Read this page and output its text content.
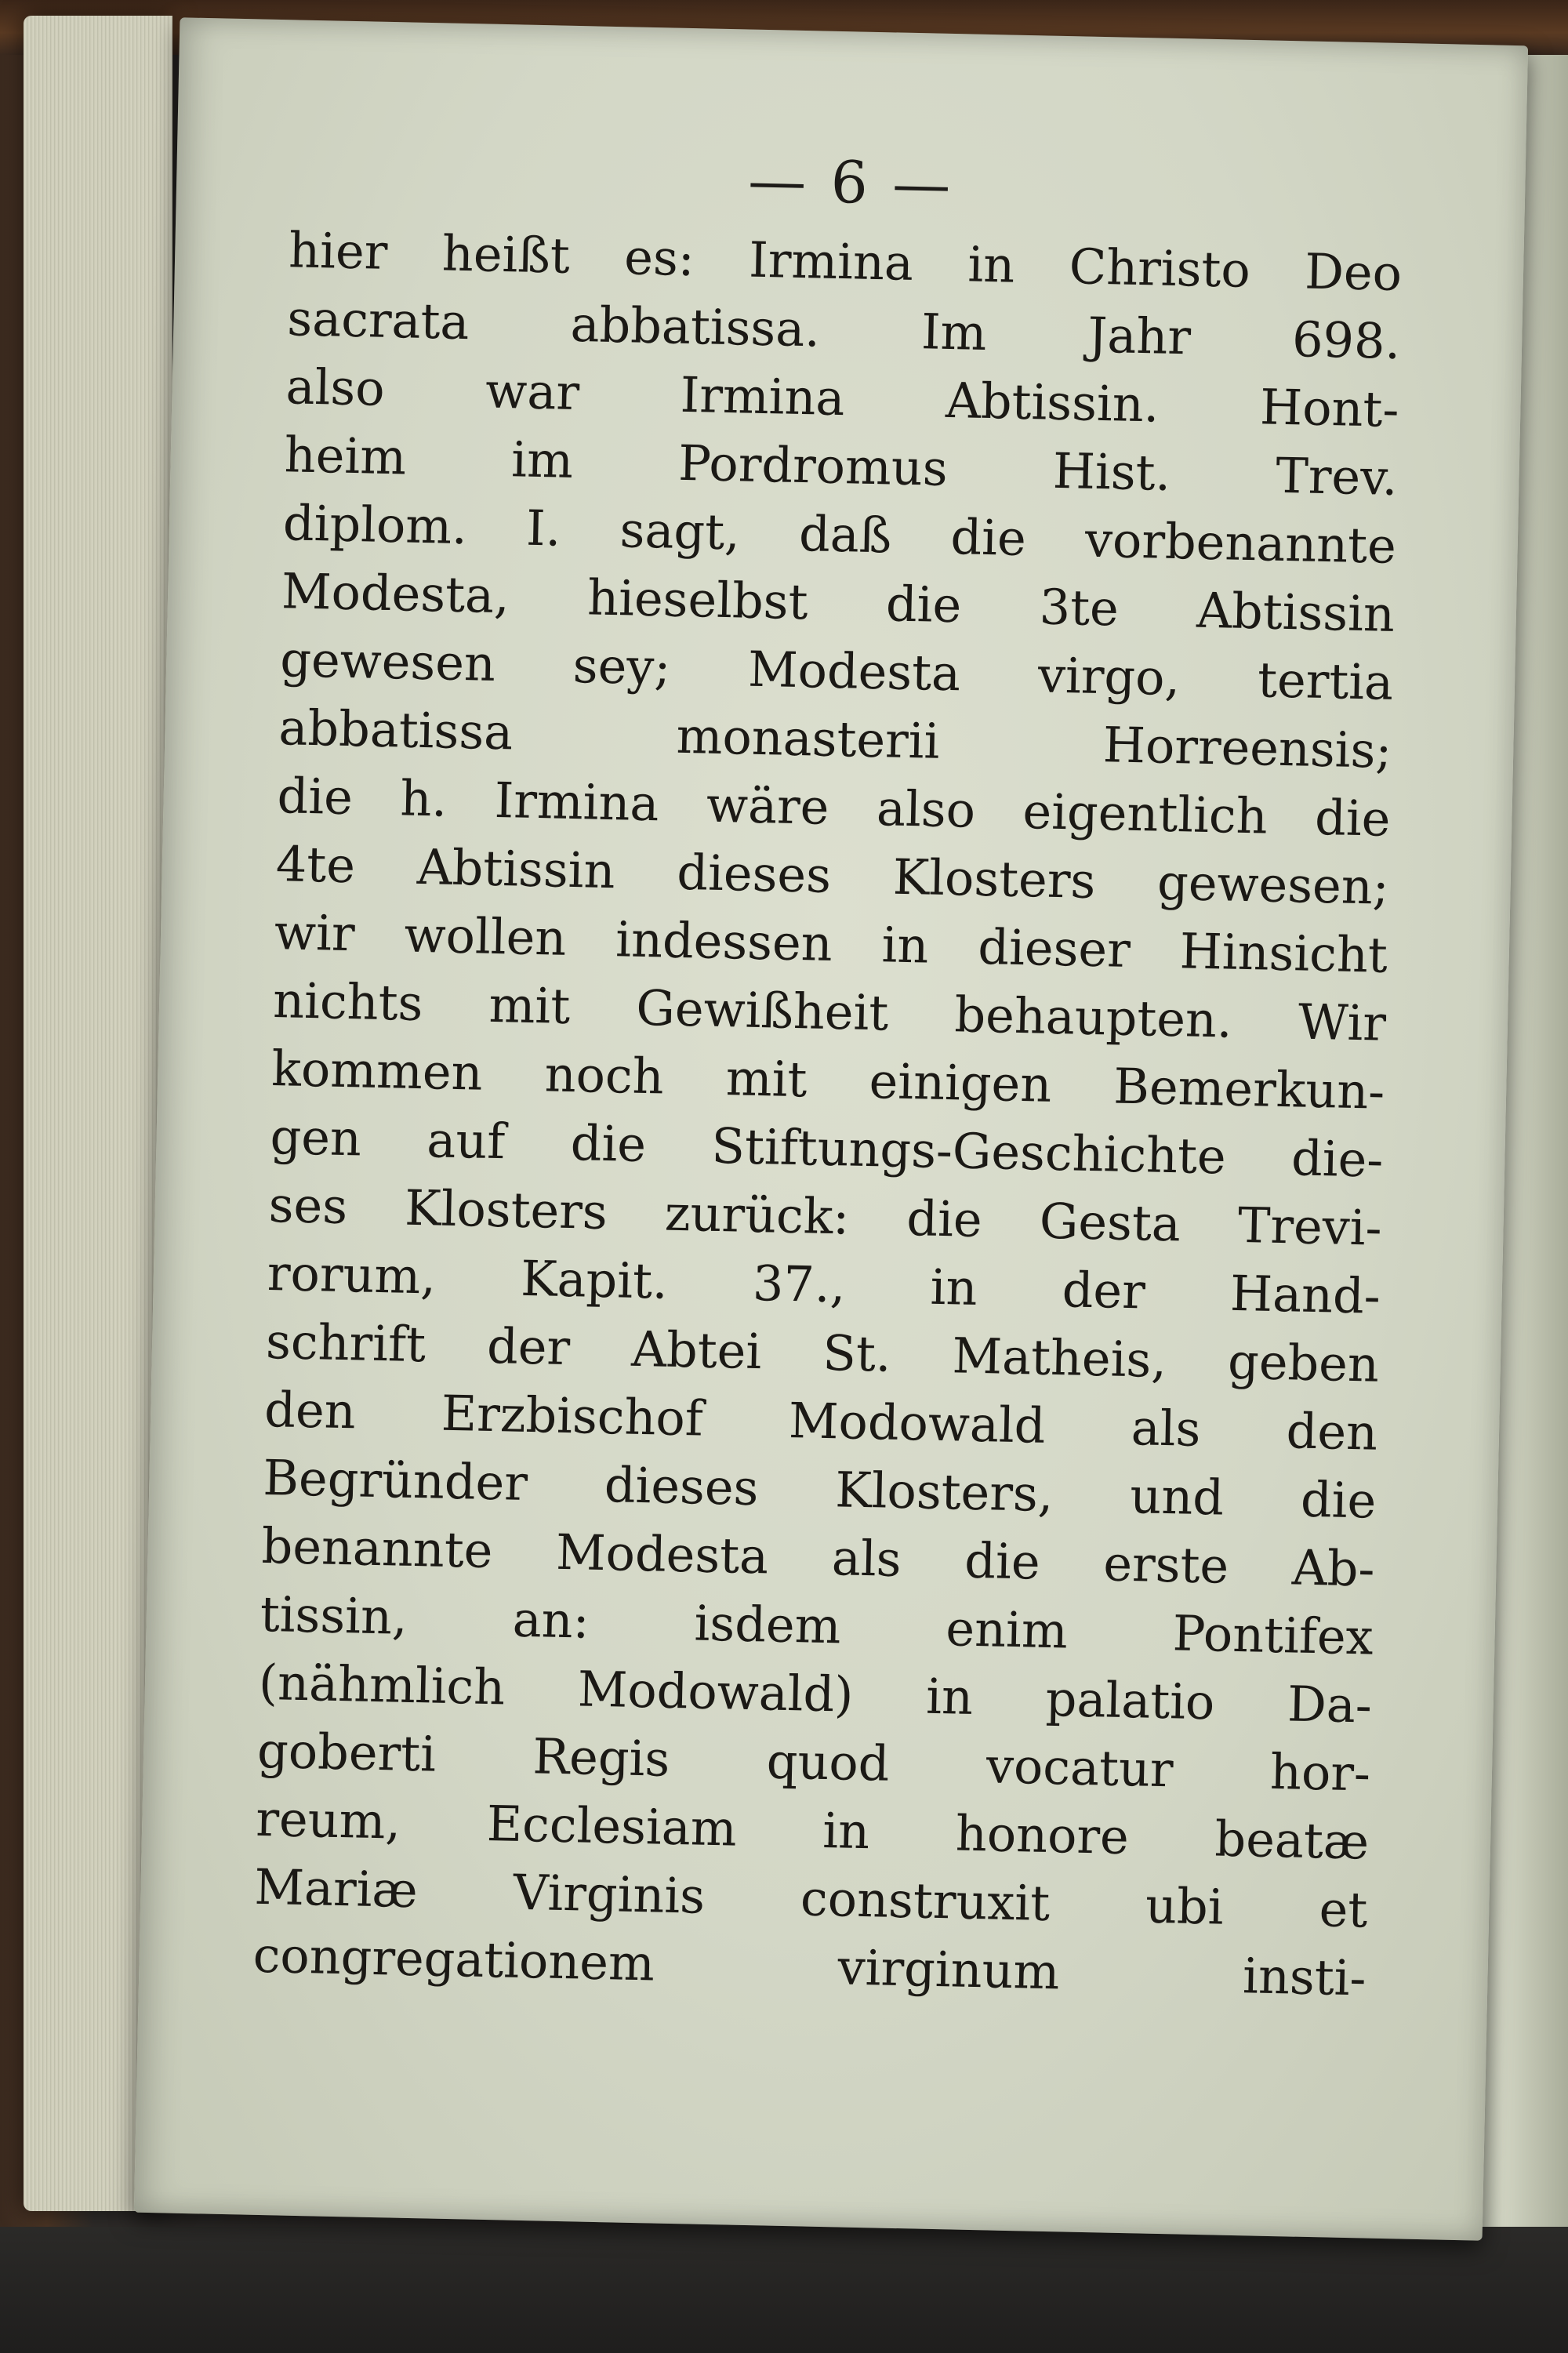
— 6 —
hier heißt es: Irmina in Christo Deo
sacrata abbatissa. Im Jahr 698.
also war Irmina Abtissin. Hont-
heim im Pordromus Hist. Trev.
diplom. I. sagt, daß die vorbenannte
Modesta, hieselbst die 3te Abtissin
gewesen sey; Modesta virgo, tertia
abbatissa monasterii Horreensis;
die h. Irmina wäre also eigentlich die
4te Abtissin dieses Klosters gewesen;
wir wollen indessen in dieser Hinsicht
nichts mit Gewißheit behaupten. Wir
kommen noch mit einigen Bemerkun-
gen auf die Stiftungs-Geschichte die-
ses Klosters zurück: die Gesta Trevi-
rorum, Kapit. 37., in der Hand-
schrift der Abtei St. Matheis, geben
den Erzbischof Modowald als den
Begründer dieses Klosters, und die
benannte Modesta als die erste Ab-
tissin, an: isdem enim Pontifex
(nähmlich Modowald) in palatio Da-
goberti Regis quod vocatur hor-
reum, Ecclesiam in honore beatæ
Mariæ Virginis construxit ubi et
congregationem virginum insti-
